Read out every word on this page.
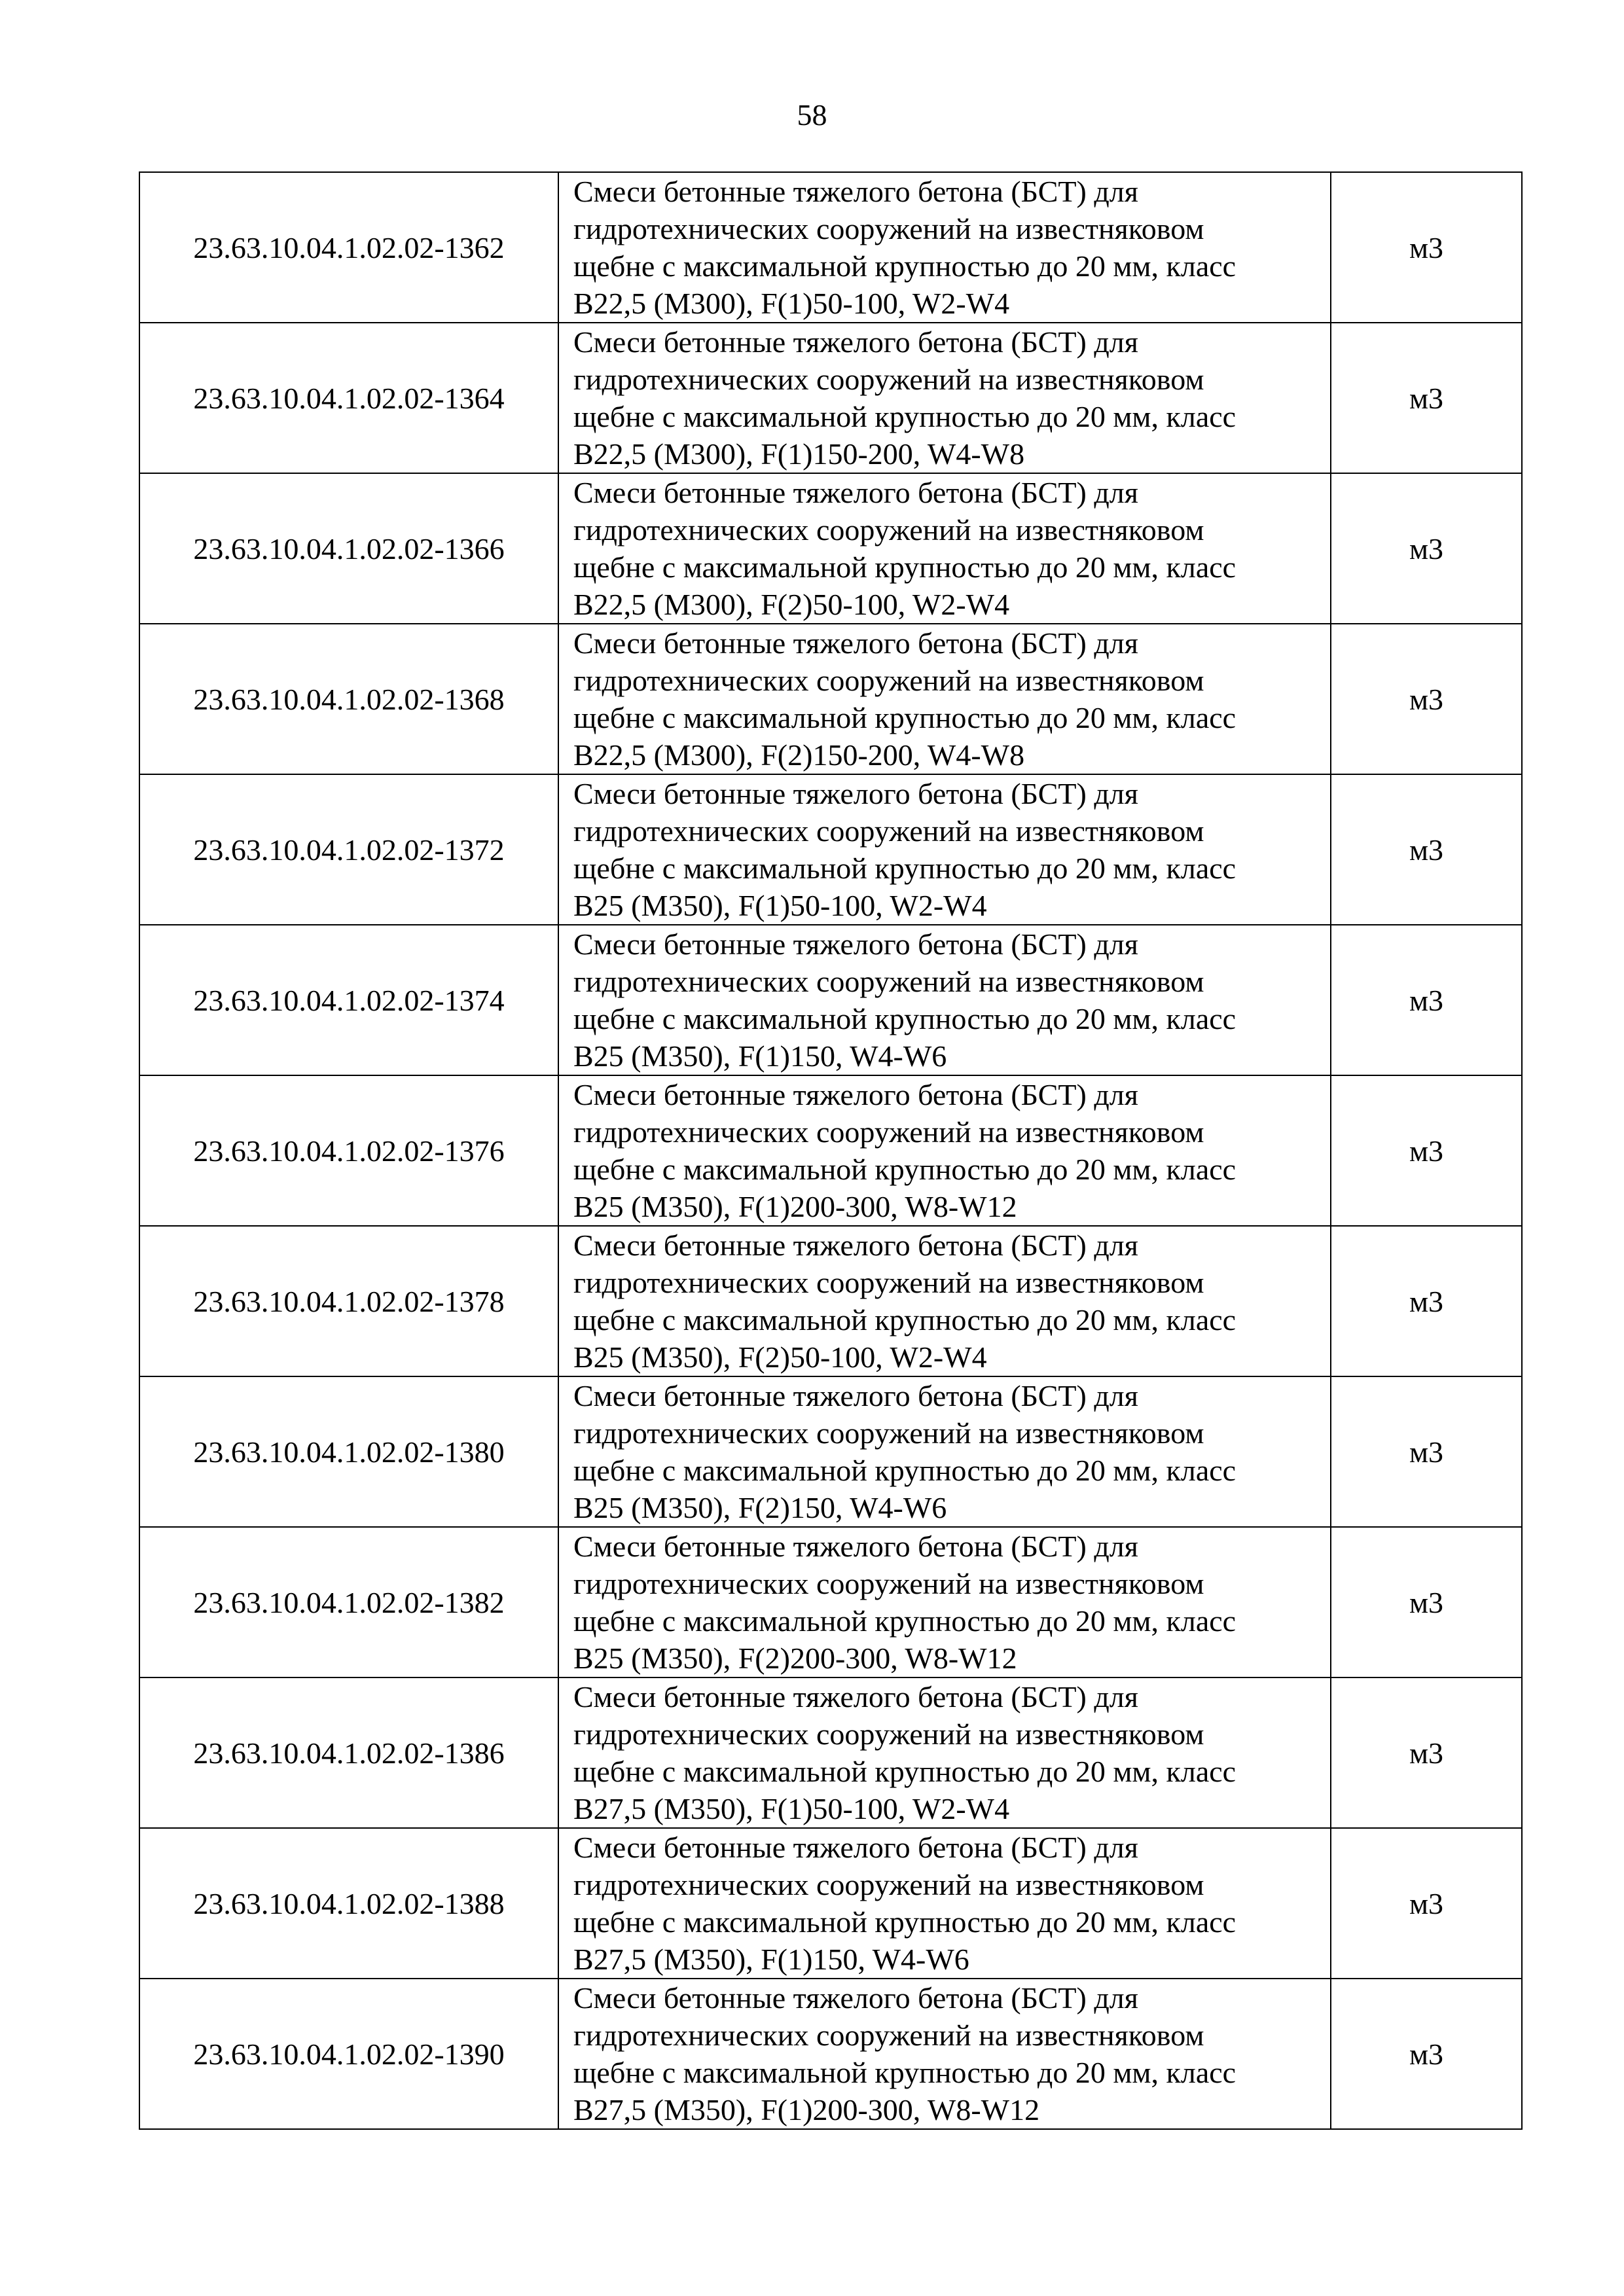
58
23.63.10.04.1.02.02-1362	Смеси бетонные тяжелого бетона (БСТ) для
гидротехнических сооружений на известняковом
щебне с максимальной крупностью до 20 мм, класс
В22,5 (М300), F(1)50-100, W2-W4	м3
23.63.10.04.1.02.02-1364	Смеси бетонные тяжелого бетона (БСТ) для
гидротехнических сооружений на известняковом
щебне с максимальной крупностью до 20 мм, класс
В22,5 (М300), F(1)150-200, W4-W8	м3
23.63.10.04.1.02.02-1366	Смеси бетонные тяжелого бетона (БСТ) для
гидротехнических сооружений на известняковом
щебне с максимальной крупностью до 20 мм, класс
В22,5 (М300), F(2)50-100, W2-W4	м3
23.63.10.04.1.02.02-1368	Смеси бетонные тяжелого бетона (БСТ) для
гидротехнических сооружений на известняковом
щебне с максимальной крупностью до 20 мм, класс
В22,5 (М300), F(2)150-200, W4-W8	м3
23.63.10.04.1.02.02-1372	Смеси бетонные тяжелого бетона (БСТ) для
гидротехнических сооружений на известняковом
щебне с максимальной крупностью до 20 мм, класс
В25 (М350), F(1)50-100, W2-W4	м3
23.63.10.04.1.02.02-1374	Смеси бетонные тяжелого бетона (БСТ) для
гидротехнических сооружений на известняковом
щебне с максимальной крупностью до 20 мм, класс
В25 (М350), F(1)150, W4-W6	м3
23.63.10.04.1.02.02-1376	Смеси бетонные тяжелого бетона (БСТ) для
гидротехнических сооружений на известняковом
щебне с максимальной крупностью до 20 мм, класс
В25 (М350), F(1)200-300, W8-W12	м3
23.63.10.04.1.02.02-1378	Смеси бетонные тяжелого бетона (БСТ) для
гидротехнических сооружений на известняковом
щебне с максимальной крупностью до 20 мм, класс
В25 (М350), F(2)50-100, W2-W4	м3
23.63.10.04.1.02.02-1380	Смеси бетонные тяжелого бетона (БСТ) для
гидротехнических сооружений на известняковом
щебне с максимальной крупностью до 20 мм, класс
В25 (М350), F(2)150, W4-W6	м3
23.63.10.04.1.02.02-1382	Смеси бетонные тяжелого бетона (БСТ) для
гидротехнических сооружений на известняковом
щебне с максимальной крупностью до 20 мм, класс
В25 (М350), F(2)200-300, W8-W12	м3
23.63.10.04.1.02.02-1386	Смеси бетонные тяжелого бетона (БСТ) для
гидротехнических сооружений на известняковом
щебне с максимальной крупностью до 20 мм, класс
В27,5 (М350), F(1)50-100, W2-W4	м3
23.63.10.04.1.02.02-1388	Смеси бетонные тяжелого бетона (БСТ) для
гидротехнических сооружений на известняковом
щебне с максимальной крупностью до 20 мм, класс
В27,5 (М350), F(1)150, W4-W6	м3
23.63.10.04.1.02.02-1390	Смеси бетонные тяжелого бетона (БСТ) для
гидротехнических сооружений на известняковом
щебне с максимальной крупностью до 20 мм, класс
В27,5 (М350), F(1)200-300, W8-W12	м3
